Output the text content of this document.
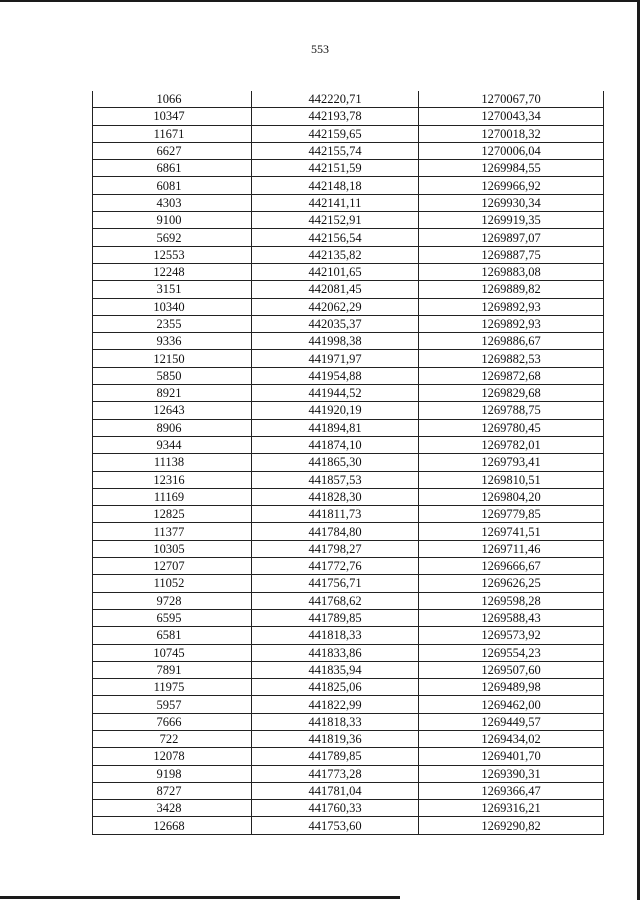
553
1066	442220,71	1270067,70
10347	442193,78	1270043,34
11671	442159,65	1270018,32
6627	442155,74	1270006,04
6861	442151,59	1269984,55
6081	442148,18	1269966,92
4303	442141,11	1269930,34
9100	442152,91	1269919,35
5692	442156,54	1269897,07
12553	442135,82	1269887,75
12248	442101,65	1269883,08
3151	442081,45	1269889,82
10340	442062,29	1269892,93
2355	442035,37	1269892,93
9336	441998,38	1269886,67
12150	441971,97	1269882,53
5850	441954,88	1269872,68
8921	441944,52	1269829,68
12643	441920,19	1269788,75
8906	441894,81	1269780,45
9344	441874,10	1269782,01
11138	441865,30	1269793,41
12316	441857,53	1269810,51
11169	441828,30	1269804,20
12825	441811,73	1269779,85
11377	441784,80	1269741,51
10305	441798,27	1269711,46
12707	441772,76	1269666,67
11052	441756,71	1269626,25
9728	441768,62	1269598,28
6595	441789,85	1269588,43
6581	441818,33	1269573,92
10745	441833,86	1269554,23
7891	441835,94	1269507,60
11975	441825,06	1269489,98
5957	441822,99	1269462,00
7666	441818,33	1269449,57
722	441819,36	1269434,02
12078	441789,85	1269401,70
9198	441773,28	1269390,31
8727	441781,04	1269366,47
3428	441760,33	1269316,21
12668	441753,60	1269290,82
